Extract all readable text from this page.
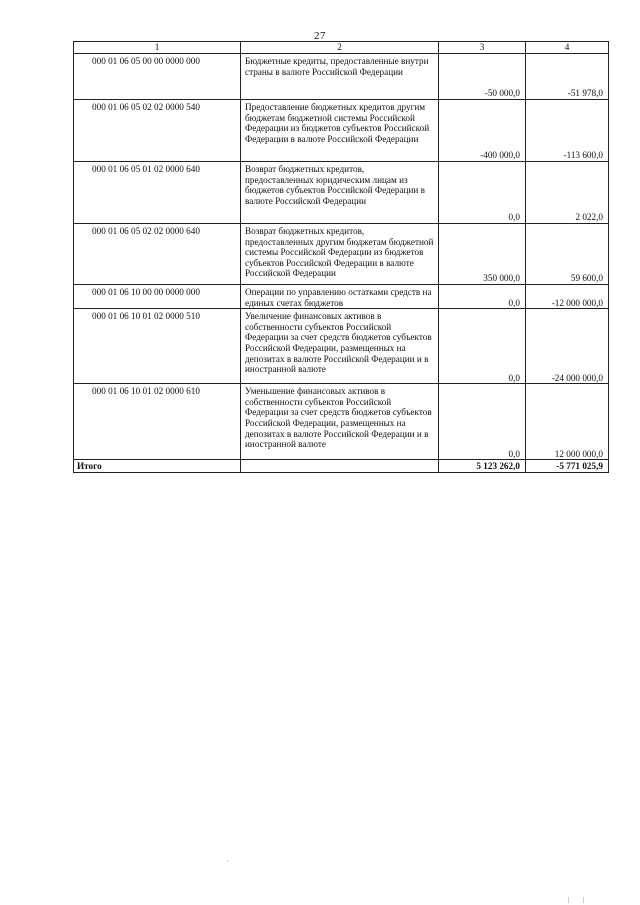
27
1	2	3	4
000 01 06 05 00 00 0000 000	Бюджетные кредиты, предоставленные внутри страны в валюте Российской Федерации	-50 000,0	-51 978,0
000 01 06 05 02 02 0000 540	Предоставление бюджетных кредитов другим бюджетам бюджетной системы Российской Федерации из бюджетов субъектов Российской Федерации в валюте Российской Федерации	-400 000,0	-113 600,0
000 01 06 05 01 02 0000 640	Возврат бюджетных кредитов, предоставленных юридическим лицам из бюджетов субъектов Российской Федерации в валюте Российской Федерации	0,0	2 022,0
000 01 06 05 02 02 0000 640	Возврат бюджетных кредитов, предоставленных другим бюджетам бюджетной системы Российской Федерации из бюджетов субъектов Российской Федерации в валюте Российской Федерации	350 000,0	59 600,0
000 01 06 10 00 00 0000 000	Операции по управлению остатками средств на единых счетах бюджетов	0,0	-12 000 000,0
000 01 06 10 01 02 0000 510	Увеличение финансовых активов в собственности субъектов Российской Федерации за счет средств бюджетов субъектов Российской Федерации, размещенных на депозитах в валюте Российской Федерации и в иностранной валюте	0,0	-24 000 000,0
000 01 06 10 01 02 0000 610	Уменьшение финансовых активов в собственности субъектов Российской Федерации за счет средств бюджетов субъектов Российской Федерации, размещенных на депозитах в валюте Российской Федерации и в иностранной валюте	0,0	12 000 000,0
Итого		5 123 262,0	-5 771 025,9
′
| |
